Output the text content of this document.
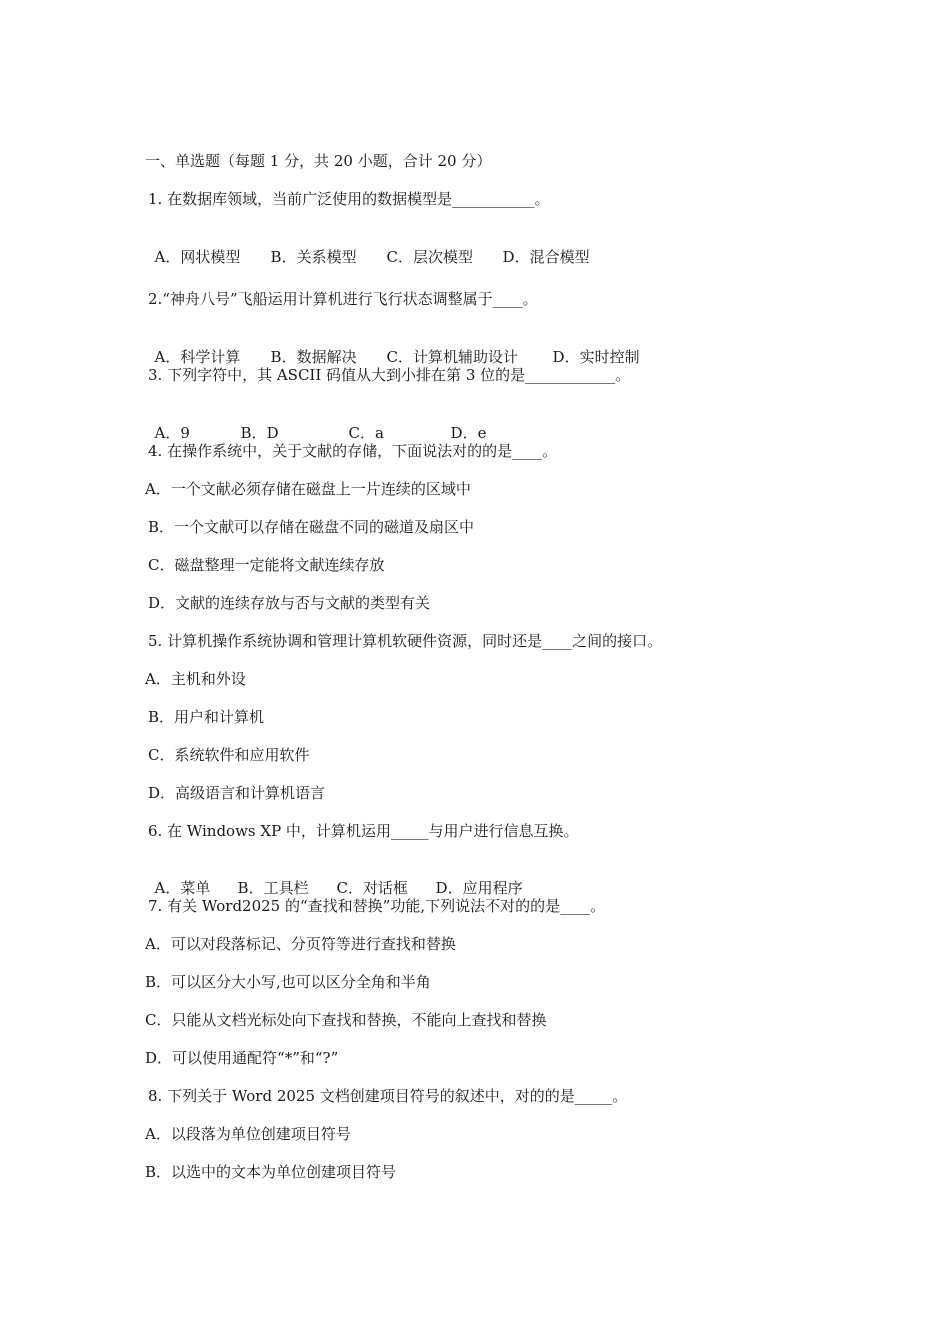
一、单选题（每题 1 分，共 20 小题，合计 20 分）
1. 在数据库领域，当前广泛使用的数据模型是___________。

A．网状模型 B．关系模型 C．层次模型 D．混合模型

2.“神舟八号”飞船运用计算机进行飞行状态调整属于____。

A．科学计算 B．数据解决 C．计算机辅助设计 D．实时控制

3. 下列字符中，其 ASCII 码值从大到小排在第 3 位的是____________。

A．9	B．D	C．a	D．e

4. 在操作系统中，关于文献的存储，下面说法对的的是____。
A．一个文献必须存储在磁盘上一片连续的区域中
B．一个文献可以存储在磁盘不同的磁道及扇区中
C．磁盘整理一定能将文献连续存放
D．文献的连续存放与否与文献的类型有关
5. 计算机操作系统协调和管理计算机软硬件资源，同时还是____之间的接口。
A．主机和外设
B．用户和计算机
C．系统软件和应用软件
D．高级语言和计算机语言
6. 在 Windows XP 中，计算机运用_____与用户进行信息互换。

A．菜单 B．工具栏 C．对话框 D．应用程序

7. 有关 Word2025 的“查找和替换”功能,下列说法不对的的是____。
A．可以对段落标记、分页符等进行查找和替换
B．可以区分大小写,也可以区分全角和半角
C．只能从文档光标处向下查找和替换，不能向上查找和替换
D．可以使用通配符“*”和“?”
8. 下列关于 Word 2025 文档创建项目符号的叙述中，对的的是_____。
A．以段落为单位创建项目符号
B．以选中的文本为单位创建项目符号
